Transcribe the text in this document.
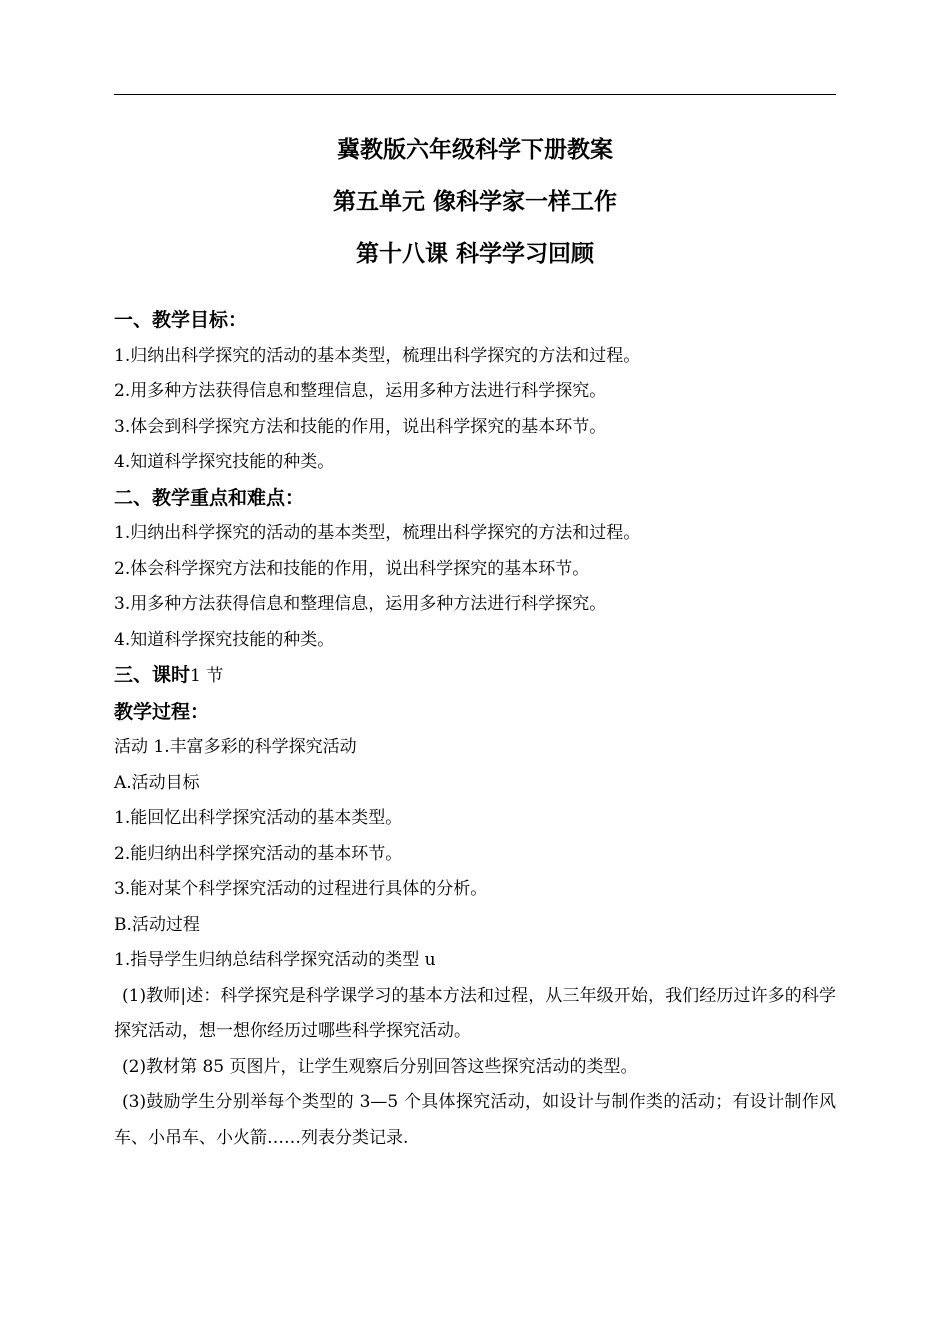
冀教版六年级科学下册教案
第五单元 像科学家一样工作
第十八课 科学学习回顾

一、教学目标：

1.归纳出科学探究的活动的基本类型，梳理出科学探究的方法和过程。

2.用多种方法获得信息和整理信息，运用多种方法进行科学探究。

3.体会到科学探究方法和技能的作用，说出科学探究的基本环节。

4.知道科学探究技能的种类。

二、教学重点和难点：

1.归纳出科学探究的活动的基本类型，梳理出科学探究的方法和过程。

2.体会科学探究方法和技能的作用，说出科学探究的基本环节。

3.用多种方法获得信息和整理信息，运用多种方法进行科学探究。

4.知道科学探究技能的种类。

三、课时1 节

教学过程：

活动 1.丰富多彩的科学探究活动

A.活动目标

1.能回忆出科学探究活动的基本类型。

2.能归纳出科学探究活动的基本环节。

3.能对某个科学探究活动的过程进行具体的分析。

B.活动过程

1.指导学生归纳总结科学探究活动的类型 u

(1)教师|述：科学探究是科学课学习的基本方法和过程，从三年级开始，我们经历过许多的科学探究活动，想一想你经历过哪些科学探究活动。

(2)教材第 85 页图片，让学生观察后分别回答这些探究活动的类型。

(3)鼓励学生分别举每个类型的 3—5 个具体探究活动，如设计与制作类的活动；有设计制作风车、小吊车、小火箭……列表分类记录.
